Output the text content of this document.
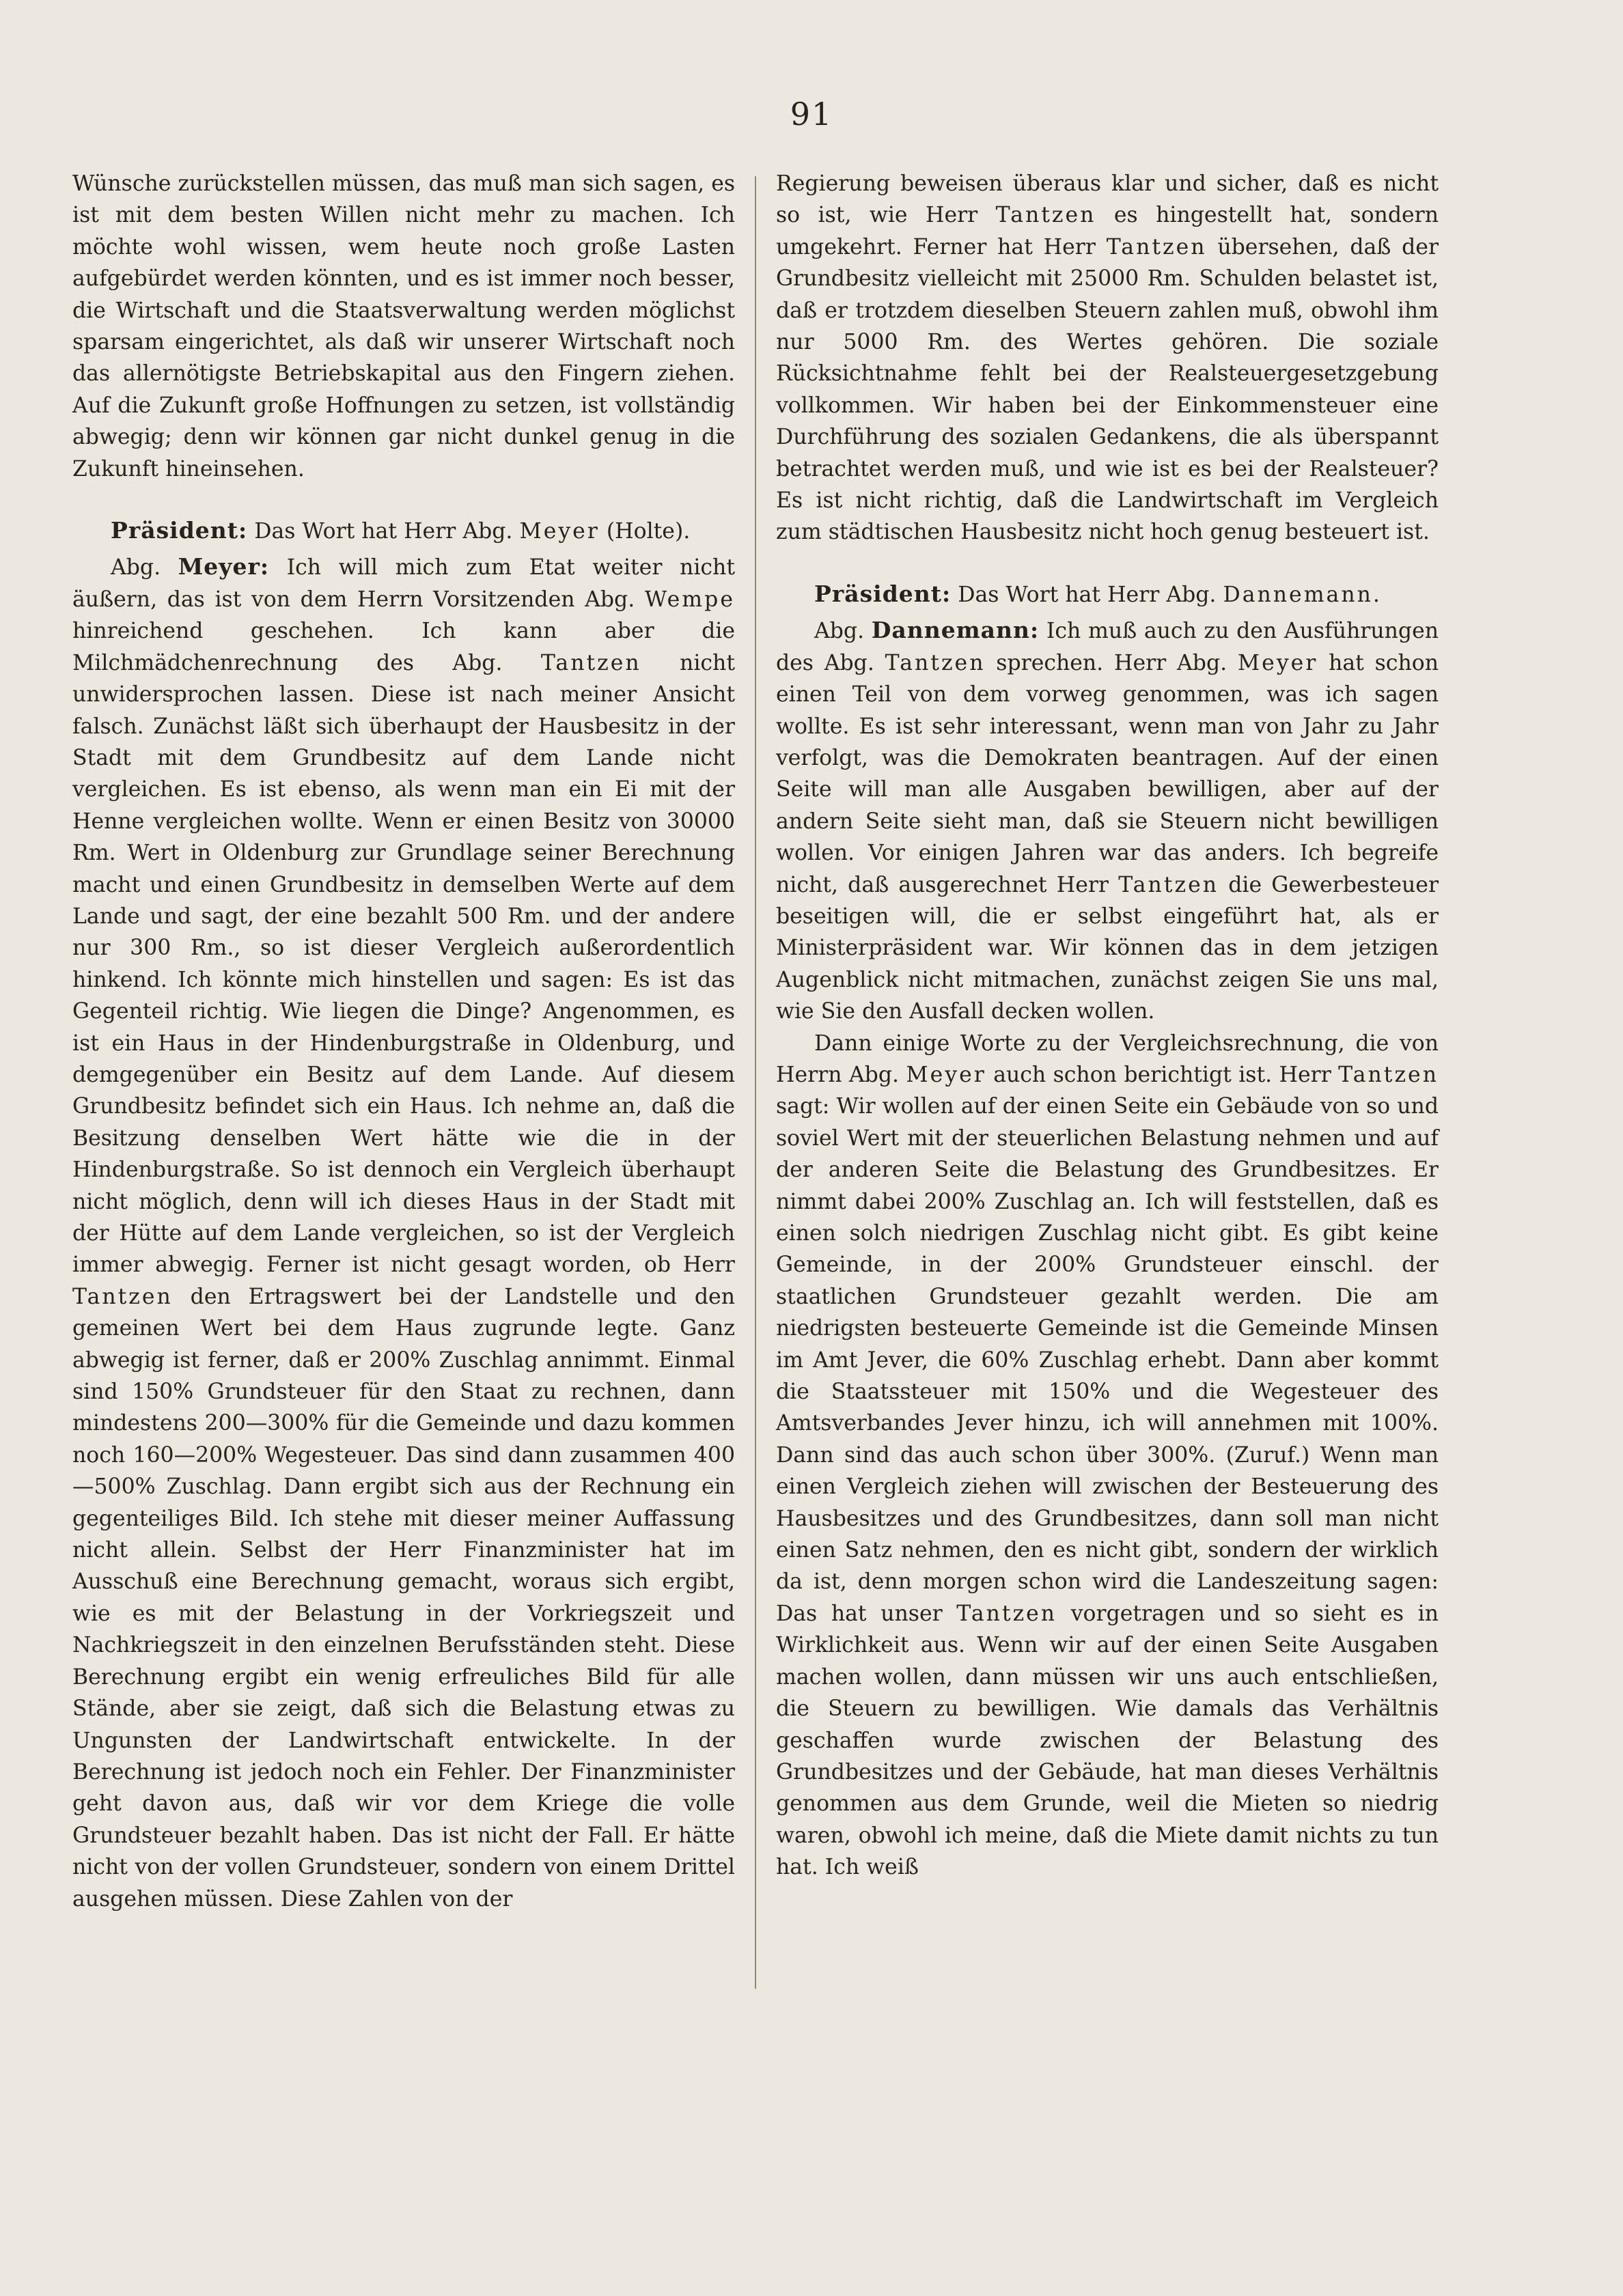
91

Wünsche zurückstellen müssen, das muß man sich sagen, es ist mit dem besten Willen nicht mehr zu machen. Ich möchte wohl wissen, wem heute noch große Lasten aufgebürdet werden könnten, und es ist immer noch besser, die Wirtschaft und die Staatsverwaltung werden möglichst sparsam eingerichtet, als daß wir unserer Wirtschaft noch das allernötigste Betriebskapital aus den Fingern ziehen. Auf die Zukunft große Hoffnungen zu setzen, ist vollständig abwegig; denn wir können gar nicht dunkel genug in die Zukunft hineinsehen.

Präsident: Das Wort hat Herr Abg. Meyer (Holte).

Abg. Meyer: Ich will mich zum Etat weiter nicht äußern, das ist von dem Herrn Vorsitzenden Abg. Wempe hinreichend geschehen. Ich kann aber die Milchmädchenrechnung des Abg. Tantzen nicht unwidersprochen lassen. Diese ist nach meiner Ansicht falsch. Zunächst läßt sich überhaupt der Hausbesitz in der Stadt mit dem Grundbesitz auf dem Lande nicht vergleichen. Es ist ebenso, als wenn man ein Ei mit der Henne vergleichen wollte. Wenn er einen Besitz von 30000 Rm. Wert in Oldenburg zur Grundlage seiner Berechnung macht und einen Grundbesitz in demselben Werte auf dem Lande und sagt, der eine bezahlt 500 Rm. und der andere nur 300 Rm., so ist dieser Vergleich außerordentlich hinkend. Ich könnte mich hinstellen und sagen: Es ist das Gegenteil richtig. Wie liegen die Dinge? Angenommen, es ist ein Haus in der Hindenburgstraße in Oldenburg, und demgegenüber ein Besitz auf dem Lande. Auf diesem Grundbesitz befindet sich ein Haus. Ich nehme an, daß die Besitzung denselben Wert hätte wie die in der Hindenburgstraße. So ist dennoch ein Vergleich überhaupt nicht möglich, denn will ich dieses Haus in der Stadt mit der Hütte auf dem Lande vergleichen, so ist der Vergleich immer abwegig. Ferner ist nicht gesagt worden, ob Herr Tantzen den Ertragswert bei der Landstelle und den gemeinen Wert bei dem Haus zugrunde legte. Ganz abwegig ist ferner, daß er 200% Zuschlag annimmt. Einmal sind 150% Grundsteuer für den Staat zu rechnen, dann mindestens 200—300% für die Gemeinde und dazu kommen noch 160—200% Wegesteuer. Das sind dann zusammen 400—500% Zuschlag. Dann ergibt sich aus der Rechnung ein gegenteiliges Bild. Ich stehe mit dieser meiner Auffassung nicht allein. Selbst der Herr Finanzminister hat im Ausschuß eine Berechnung gemacht, woraus sich ergibt, wie es mit der Belastung in der Vorkriegszeit und Nachkriegszeit in den einzelnen Berufsständen steht. Diese Berechnung ergibt ein wenig erfreuliches Bild für alle Stände, aber sie zeigt, daß sich die Belastung etwas zu Ungunsten der Landwirtschaft entwickelte. In der Berechnung ist jedoch noch ein Fehler. Der Finanzminister geht davon aus, daß wir vor dem Kriege die volle Grundsteuer bezahlt haben. Das ist nicht der Fall. Er hätte nicht von der vollen Grundsteuer, sondern von einem Drittel ausgehen müssen. Diese Zahlen von der

Regierung beweisen überaus klar und sicher, daß es nicht so ist, wie Herr Tantzen es hingestellt hat, sondern umgekehrt. Ferner hat Herr Tantzen übersehen, daß der Grundbesitz vielleicht mit 25000 Rm. Schulden belastet ist, daß er trotzdem dieselben Steuern zahlen muß, obwohl ihm nur 5000 Rm. des Wertes gehören. Die soziale Rücksichtnahme fehlt bei der Realsteuergesetzgebung vollkommen. Wir haben bei der Einkommensteuer eine Durchführung des sozialen Gedankens, die als überspannt betrachtet werden muß, und wie ist es bei der Realsteuer? Es ist nicht richtig, daß die Landwirtschaft im Vergleich zum städtischen Hausbesitz nicht hoch genug besteuert ist.

Präsident: Das Wort hat Herr Abg. Dannemann.

Abg. Dannemann: Ich muß auch zu den Ausführungen des Abg. Tantzen sprechen. Herr Abg. Meyer hat schon einen Teil von dem vorweg genommen, was ich sagen wollte. Es ist sehr interessant, wenn man von Jahr zu Jahr verfolgt, was die Demokraten beantragen. Auf der einen Seite will man alle Ausgaben bewilligen, aber auf der andern Seite sieht man, daß sie Steuern nicht bewilligen wollen. Vor einigen Jahren war das anders. Ich begreife nicht, daß ausgerechnet Herr Tantzen die Gewerbesteuer beseitigen will, die er selbst eingeführt hat, als er Ministerpräsident war. Wir können das in dem jetzigen Augenblick nicht mitmachen, zunächst zeigen Sie uns mal, wie Sie den Ausfall decken wollen.

Dann einige Worte zu der Vergleichsrechnung, die von Herrn Abg. Meyer auch schon berichtigt ist. Herr Tantzen sagt: Wir wollen auf der einen Seite ein Gebäude von so und soviel Wert mit der steuerlichen Belastung nehmen und auf der anderen Seite die Belastung des Grundbesitzes. Er nimmt dabei 200% Zuschlag an. Ich will feststellen, daß es einen solch niedrigen Zuschlag nicht gibt. Es gibt keine Gemeinde, in der 200% Grundsteuer einschl. der staatlichen Grundsteuer gezahlt werden. Die am niedrigsten besteuerte Gemeinde ist die Gemeinde Minsen im Amt Jever, die 60% Zuschlag erhebt. Dann aber kommt die Staatssteuer mit 150% und die Wegesteuer des Amtsverbandes Jever hinzu, ich will annehmen mit 100%. Dann sind das auch schon über 300%. (Zuruf.) Wenn man einen Vergleich ziehen will zwischen der Besteuerung des Hausbesitzes und des Grundbesitzes, dann soll man nicht einen Satz nehmen, den es nicht gibt, sondern der wirklich da ist, denn morgen schon wird die Landeszeitung sagen: Das hat unser Tantzen vorgetragen und so sieht es in Wirklichkeit aus. Wenn wir auf der einen Seite Ausgaben machen wollen, dann müssen wir uns auch entschließen, die Steuern zu bewilligen. Wie damals das Verhältnis geschaffen wurde zwischen der Belastung des Grundbesitzes und der Gebäude, hat man dieses Verhältnis genommen aus dem Grunde, weil die Mieten so niedrig waren, obwohl ich meine, daß die Miete damit nichts zu tun hat. Ich weiß
